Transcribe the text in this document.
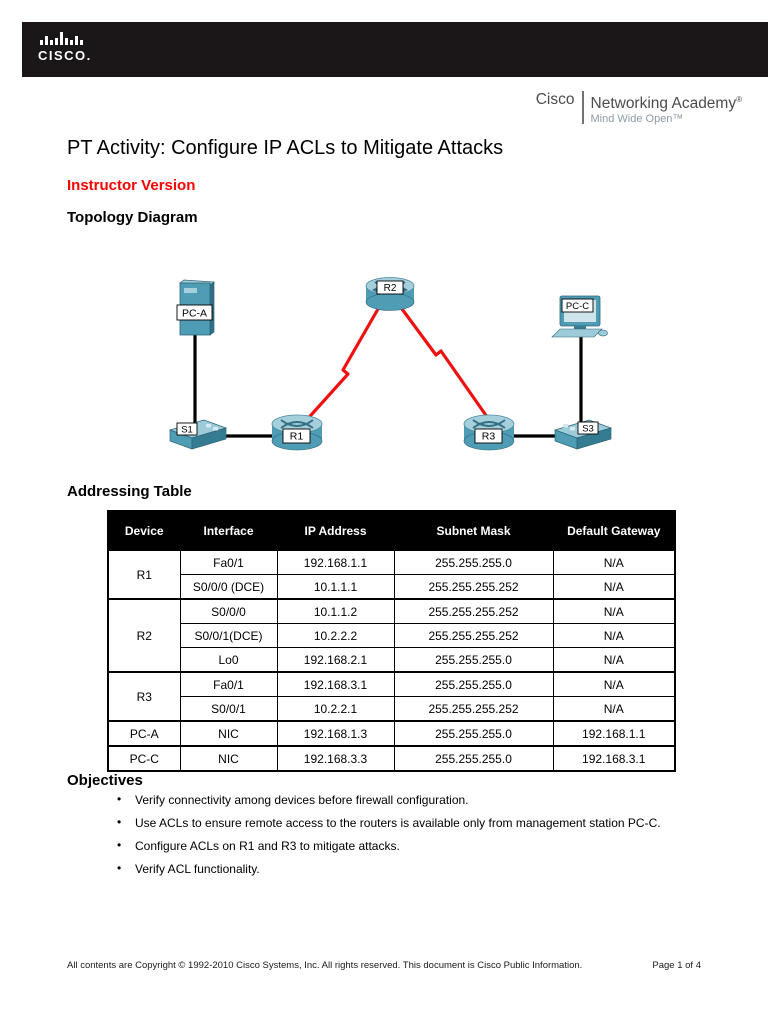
CISCO.
Cisco Networking Academy®
Mind Wide Open™
PT Activity: Configure IP ACLs to Mitigate Attacks
Instructor Version
Topology Diagram
PC-A
R2
PC-C
S1
R1	R3
S3
Addressing Table
Device	Interface	IP Address	Subnet Mask	Default Gateway
R1	Fa0/1	192.168.1.1	255.255.255.0	N/A
	S0/0/0 (DCE)	10.1.1.1	255.255.255.252	N/A
R2	S0/0/0	10.1.1.2	255.255.255.252	N/A
	S0/0/1(DCE)	10.2.2.2	255.255.255.252	N/A
	Lo0	192.168.2.1	255.255.255.0	N/A
R3	Fa0/1	192.168.3.1	255.255.255.0	N/A
	S0/0/1	10.2.2.1	255.255.255.252	N/A
PC-A	NIC	192.168.1.3	255.255.255.0	192.168.1.1
PC-C	NIC	192.168.3.3	255.255.255.0	192.168.3.1
Objectives
• Verify connectivity among devices before firewall configuration.
• Use ACLs to ensure remote access to the routers is available only from management station PC-C.
• Configure ACLs on R1 and R3 to mitigate attacks.
• Verify ACL functionality.
All contents are Copyright © 1992-2010 Cisco Systems, Inc. All rights reserved. This document is Cisco Public Information.	Page 1 of 4
